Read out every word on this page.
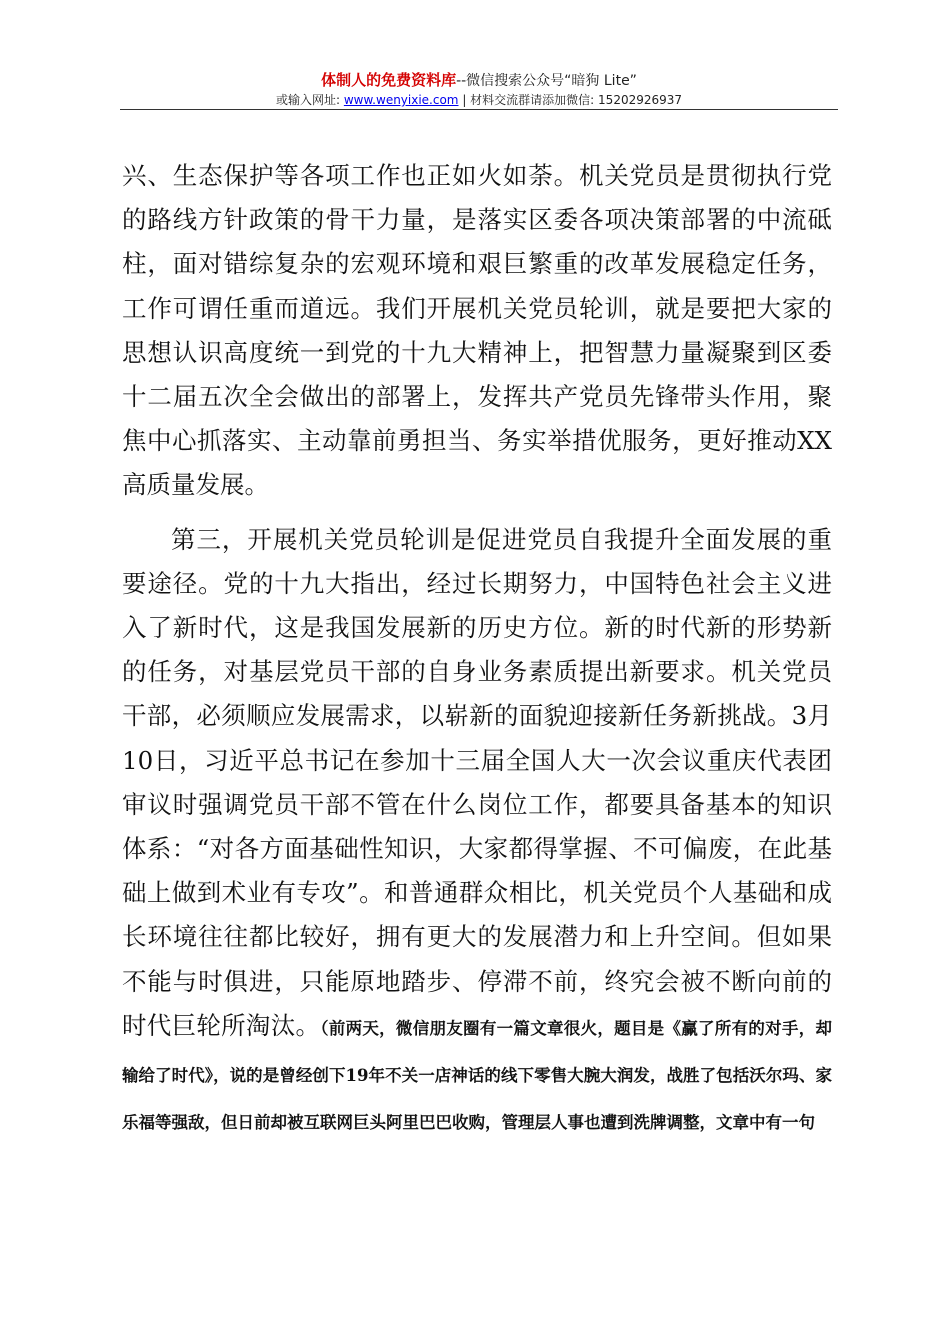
体制人的免费资料库--微信搜索公众号“暗狗 Lite”
或输入网址: www.wenyixie.com | 材料交流群请添加微信: 15202926937

兴、生态保护等各项工作也正如火如荼。机关党员是贯彻执行党的路线方针政策的骨干力量，是落实区委各项决策部署的中流砥柱，面对错综复杂的宏观环境和艰巨繁重的改革发展稳定任务，工作可谓任重而道远。我们开展机关党员轮训，就是要把大家的思想认识高度统一到党的十九大精神上，把智慧力量凝聚到区委十二届五次全会做出的部署上，发挥共产党员先锋带头作用，聚焦中心抓落实、主动靠前勇担当、务实举措优服务，更好推动XX高质量发展。

第三，开展机关党员轮训是促进党员自我提升全面发展的重要途径。党的十九大指出，经过长期努力，中国特色社会主义进入了新时代，这是我国发展新的历史方位。新的时代新的形势新的任务，对基层党员干部的自身业务素质提出新要求。机关党员干部，必须顺应发展需求，以崭新的面貌迎接新任务新挑战。3月10日，习近平总书记在参加十三届全国人大一次会议重庆代表团审议时强调党员干部不管在什么岗位工作，都要具备基本的知识体系：“对各方面基础性知识，大家都得掌握、不可偏废，在此基础上做到术业有专攻”。和普通群众相比，机关党员个人基础和成长环境往往都比较好，拥有更大的发展潜力和上升空间。但如果不能与时俱进，只能原地踏步、停滞不前，终究会被不断向前的时代巨轮所淘汰。（前两天，微信朋友圈有一篇文章很火，题目是《赢了所有的对手，却输给了时代》，说的是曾经创下19年不关一店神话的线下零售大腕大润发，战胜了包括沃尔玛、家乐福等强敌，但日前却被互联网巨头阿里巴巴收购，管理层人事也遭到洗牌调整，文章中有一句
